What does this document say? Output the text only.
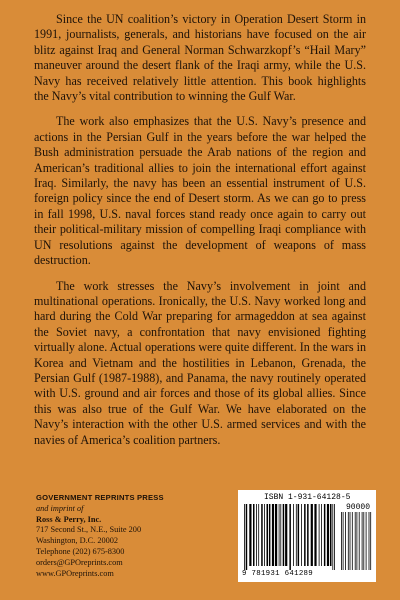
Since the UN coalition’s victory in Operation Desert Storm in 1991, journalists, generals, and historians have focused on the air blitz against Iraq and General Norman Schwarzkopf’s “Hail Mary” maneuver around the desert flank of the Iraqi army, while the U.S. Navy has received relatively little attention. This book highlights the Navy’s vital contribution to winning the Gulf War.

The work also emphasizes that the U.S. Navy’s presence and actions in the Persian Gulf in the years before the war helped the Bush administration persuade the Arab nations of the region and American’s traditional allies to join the international effort against Iraq. Similarly, the navy has been an essential instrument of U.S. foreign policy since the end of Desert storm. As we can go to press in fall 1998, U.S. naval forces stand ready once again to carry out their political-military mission of compelling Iraqi compliance with UN resolutions against the development of weapons of mass destruction.

The work stresses the Navy’s involvement in joint and multinational operations. Ironically, the U.S. Navy worked long and hard during the Cold War preparing for armageddon at sea against the Soviet navy, a confrontation that navy envisioned fighting virtually alone. Actual operations were quite different. In the wars in Korea and Vietnam and the hostilities in Lebanon, Grenada, the Persian Gulf (1987-1988), and Panama, the navy routinely operated with U.S. ground and air forces and those of its global allies. Since this was also true of the Gulf War. We have elaborated on the Navy’s interaction with the other U.S. armed services and with the navies of America’s coalition partners.

GOVERNMENT REPRINTS PRESS
and imprint of
Ross & Perry, Inc.
717 Second St., N.E., Suite 200
Washington, D.C. 20002
Telephone (202) 675-8300
orders@GPOreprints.com
www.GPOreprints.com
ISBN 1-931-64128-5
90000
9 781931 641289
